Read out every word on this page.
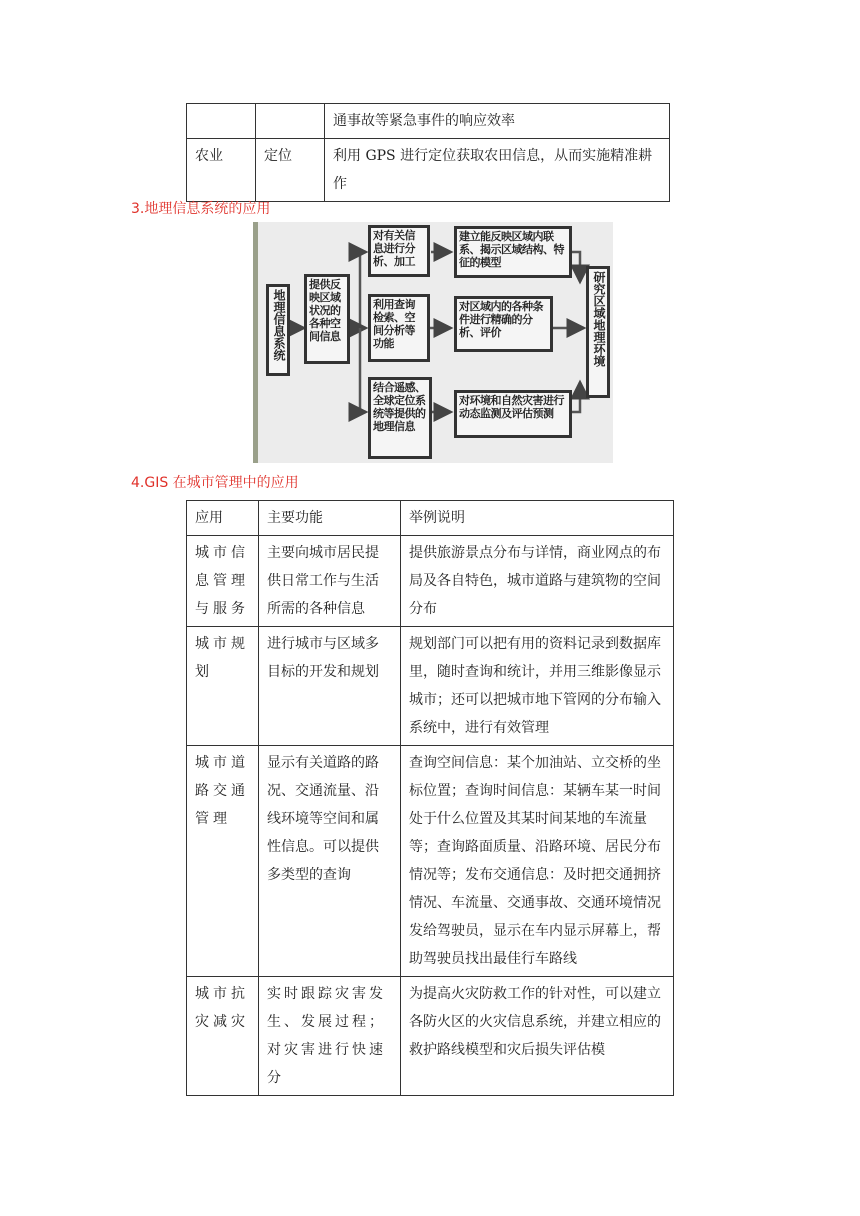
		通事故等紧急事件的响应效率
农业	定位	利用 GPS 进行定位获取农田信息，从而实施精准耕作
3.地理信息系统的应用
地理信息系统
提供反映区域状况的各种空间信息
对有关信息进行分析、加工
利用查询检索、空间分析等功能
结合遥感、全球定位系统等提供的地理信息
建立能反映区域内联系、揭示区域结构、特征的模型
对区域内的各种条件进行精确的分析、评价
对环境和自然灾害进行动态监测及评估预测
研究区域地理环境
4.GIS 在城市管理中的应用
应用	主要功能	举例说明
城市信息管理与服务	主要向城市居民提供日常工作与生活所需的各种信息	提供旅游景点分布与详情，商业网点的布局及各自特色，城市道路与建筑物的空间分布
城市规划	进行城市与区域多目标的开发和规划	规划部门可以把有用的资料记录到数据库里，随时查询和统计，并用三维影像显示城市；还可以把城市地下管网的分布输入系统中，进行有效管理
城市道路交通管理	显示有关道路的路况、交通流量、沿线环境等空间和属性信息。可以提供多类型的查询	查询空间信息：某个加油站、立交桥的坐标位置；查询时间信息：某辆车某一时间处于什么位置及其某时间某地的车流量等；查询路面质量、沿路环境、居民分布情况等；发布交通信息：及时把交通拥挤情况、车流量、交通事故、交通环境情况发给驾驶员，显示在车内显示屏幕上，帮助驾驶员找出最佳行车路线
城市抗灾减灾	实时跟踪灾害发生、发展过程；对灾害进行快速分	为提高火灾防救工作的针对性，可以建立各防火区的火灾信息系统，并建立相应的救护路线模型和灾后损失评估模
